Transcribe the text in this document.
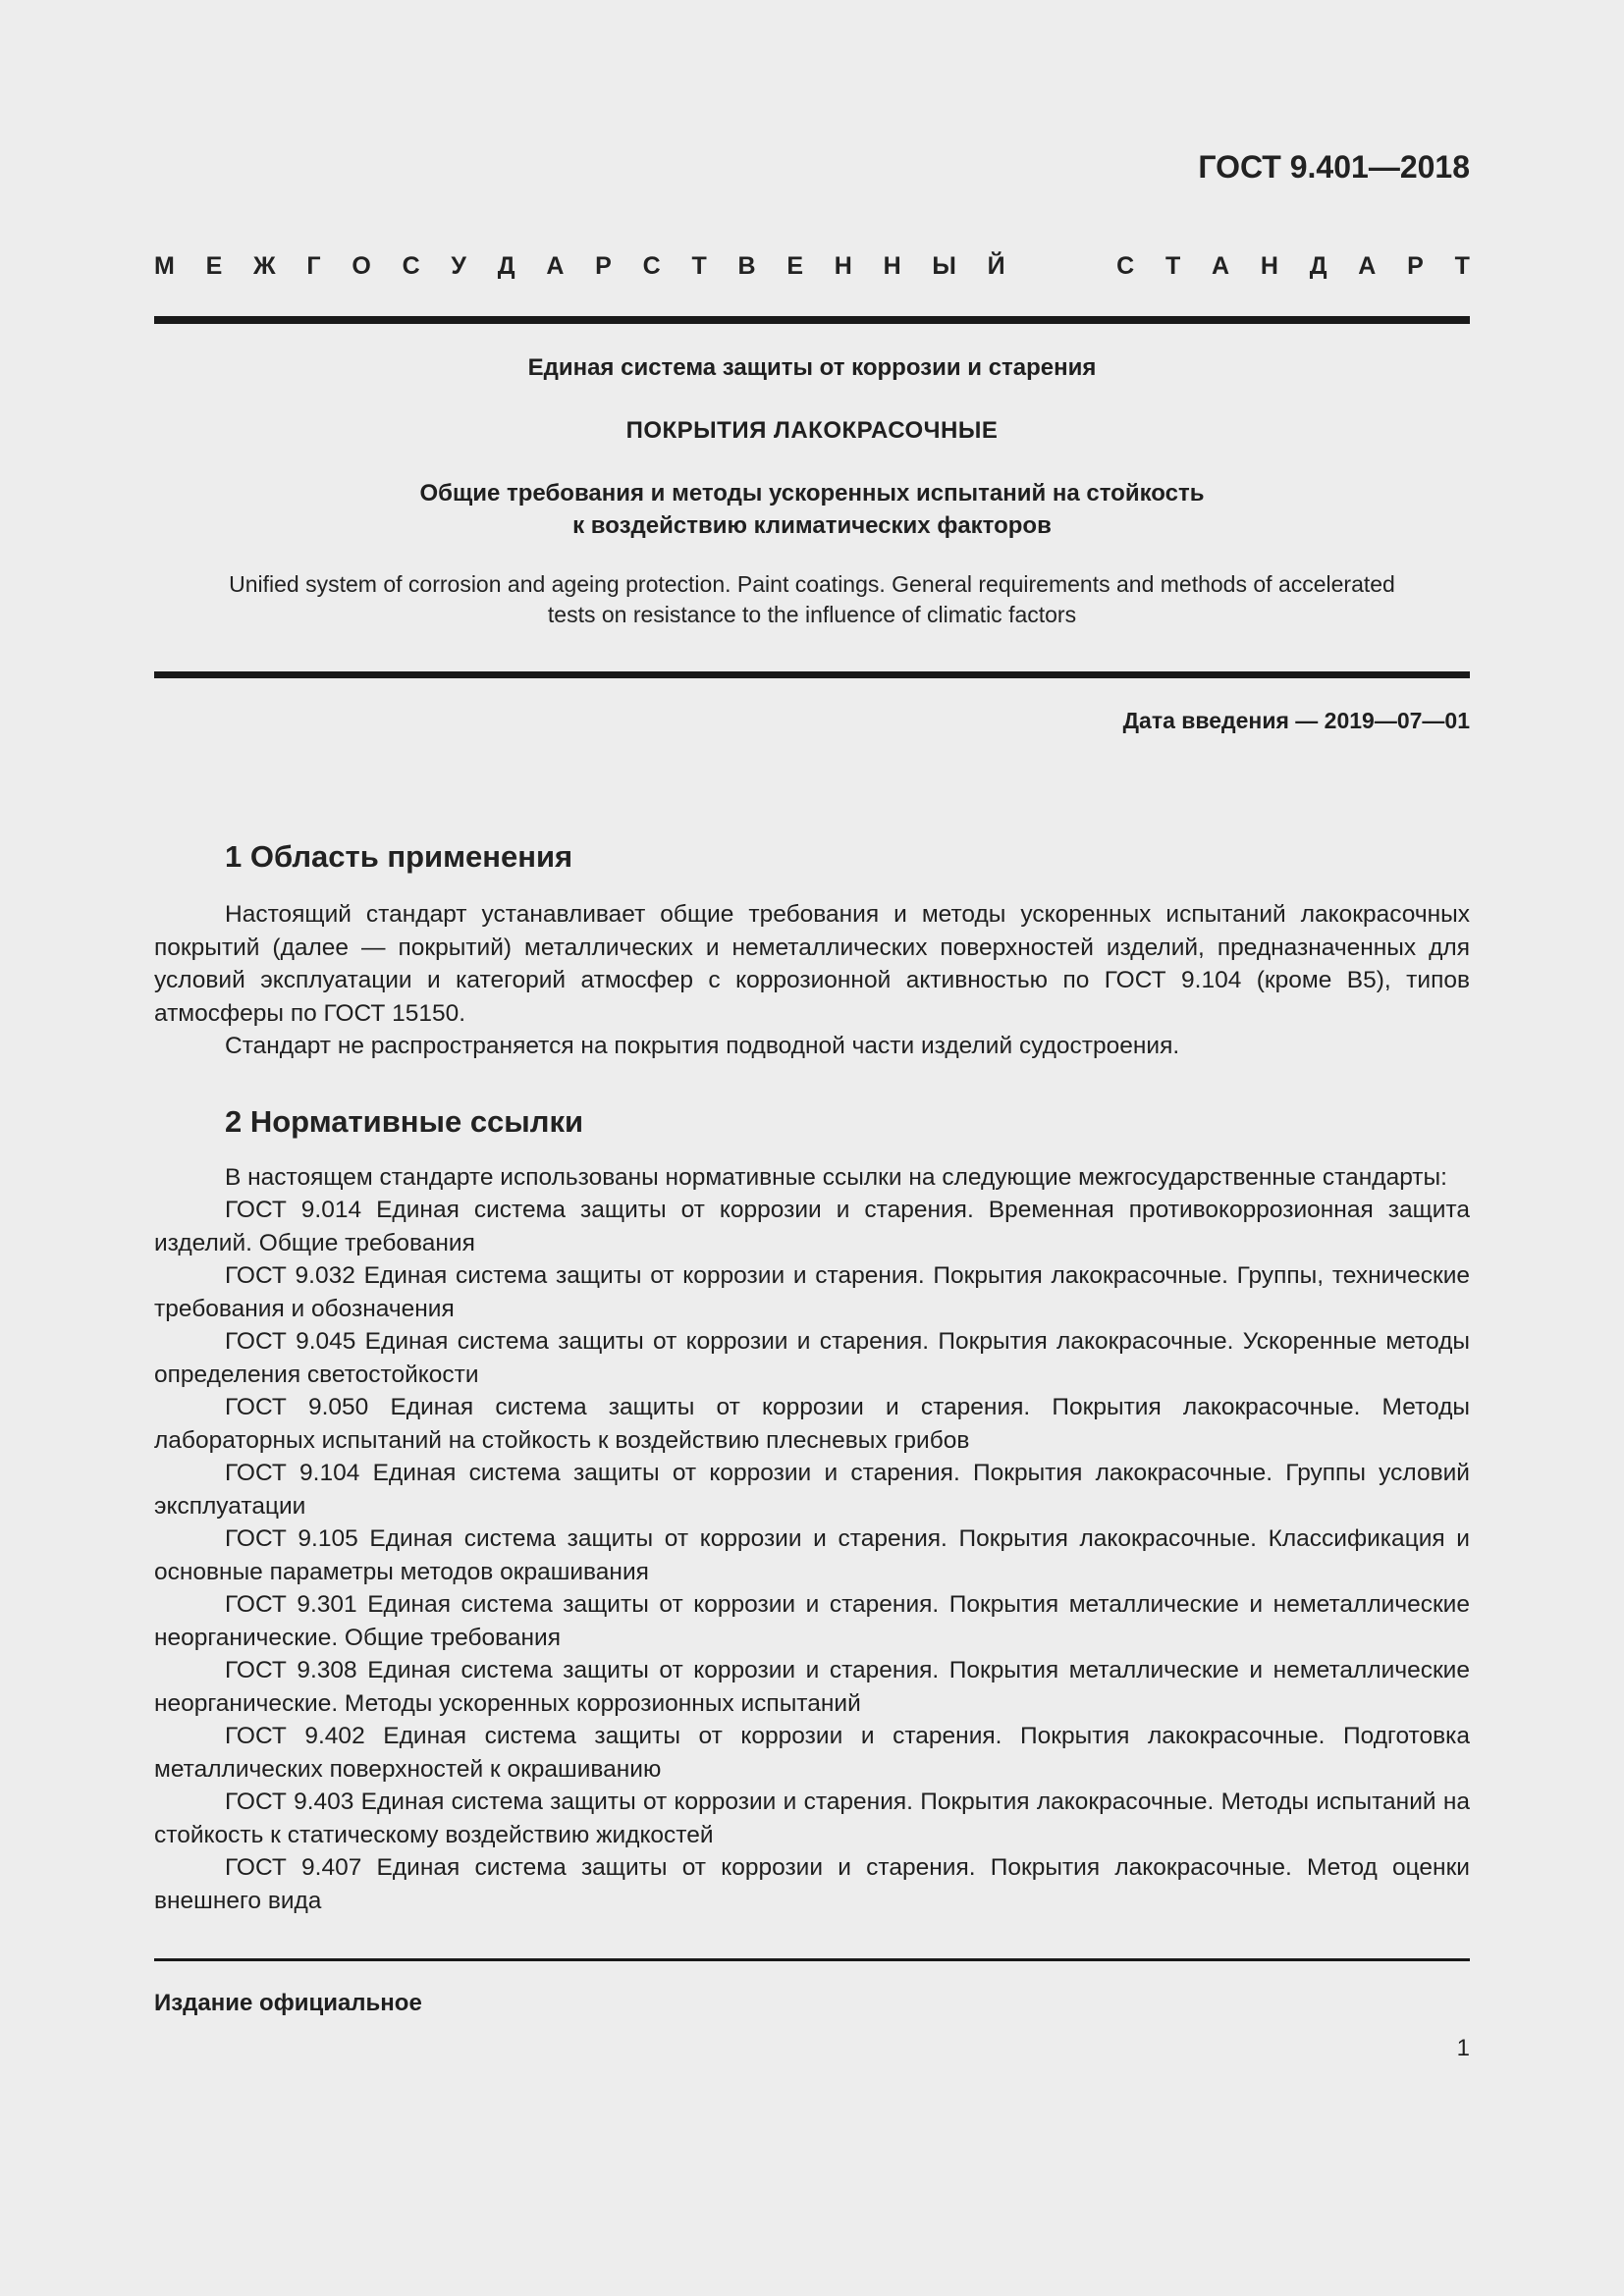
ГОСТ 9.401—2018
М Е Ж Г О С У Д А Р С Т В Е Н Н Ы Й	С Т А Н Д А Р Т
Единая система защиты от коррозии и старения
ПОКРЫТИЯ ЛАКОКРАСОЧНЫЕ
Общие требования и методы ускоренных испытаний на стойкость
к воздействию климатических факторов
Unified system of corrosion and ageing protection. Paint coatings. General requirements and methods of accelerated
tests on resistance to the influence of climatic factors
Дата введения — 2019—07—01
1 Область применения

Настоящий стандарт устанавливает общие требования и методы ускоренных испытаний лакокрасочных покрытий (далее — покрытий) металлических и неметаллических поверхностей изделий, предназначенных для условий эксплуатации и категорий атмосфер с коррозионной активностью по ГОСТ 9.104 (кроме В5), типов атмосферы по ГОСТ 15150.

Стандарт не распространяется на покрытия подводной части изделий судостроения.

2 Нормативные ссылки

В настоящем стандарте использованы нормативные ссылки на следующие межгосударственные стандарты:

ГОСТ 9.014 Единая система защиты от коррозии и старения. Временная противокоррозионная защита изделий. Общие требования

ГОСТ 9.032 Единая система защиты от коррозии и старения. Покрытия лакокрасочные. Группы, технические требования и обозначения

ГОСТ 9.045 Единая система защиты от коррозии и старения. Покрытия лакокрасочные. Ускоренные методы определения светостойкости

ГОСТ 9.050 Единая система защиты от коррозии и старения. Покрытия лакокрасочные. Методы лабораторных испытаний на стойкость к воздействию плесневых грибов

ГОСТ 9.104 Единая система защиты от коррозии и старения. Покрытия лакокрасочные. Группы условий эксплуатации

ГОСТ 9.105 Единая система защиты от коррозии и старения. Покрытия лакокрасочные. Классификация и основные параметры методов окрашивания

ГОСТ 9.301 Единая система защиты от коррозии и старения. Покрытия металлические и неметаллические неорганические. Общие требования

ГОСТ 9.308 Единая система защиты от коррозии и старения. Покрытия металлические и неметаллические неорганические. Методы ускоренных коррозионных испытаний

ГОСТ 9.402 Единая система защиты от коррозии и старения. Покрытия лакокрасочные. Подготовка металлических поверхностей к окрашиванию

ГОСТ 9.403 Единая система защиты от коррозии и старения. Покрытия лакокрасочные. Методы испытаний на стойкость к статическому воздействию жидкостей

ГОСТ 9.407 Единая система защиты от коррозии и старения. Покрытия лакокрасочные. Метод оценки внешнего вида

Издание официальное
1
